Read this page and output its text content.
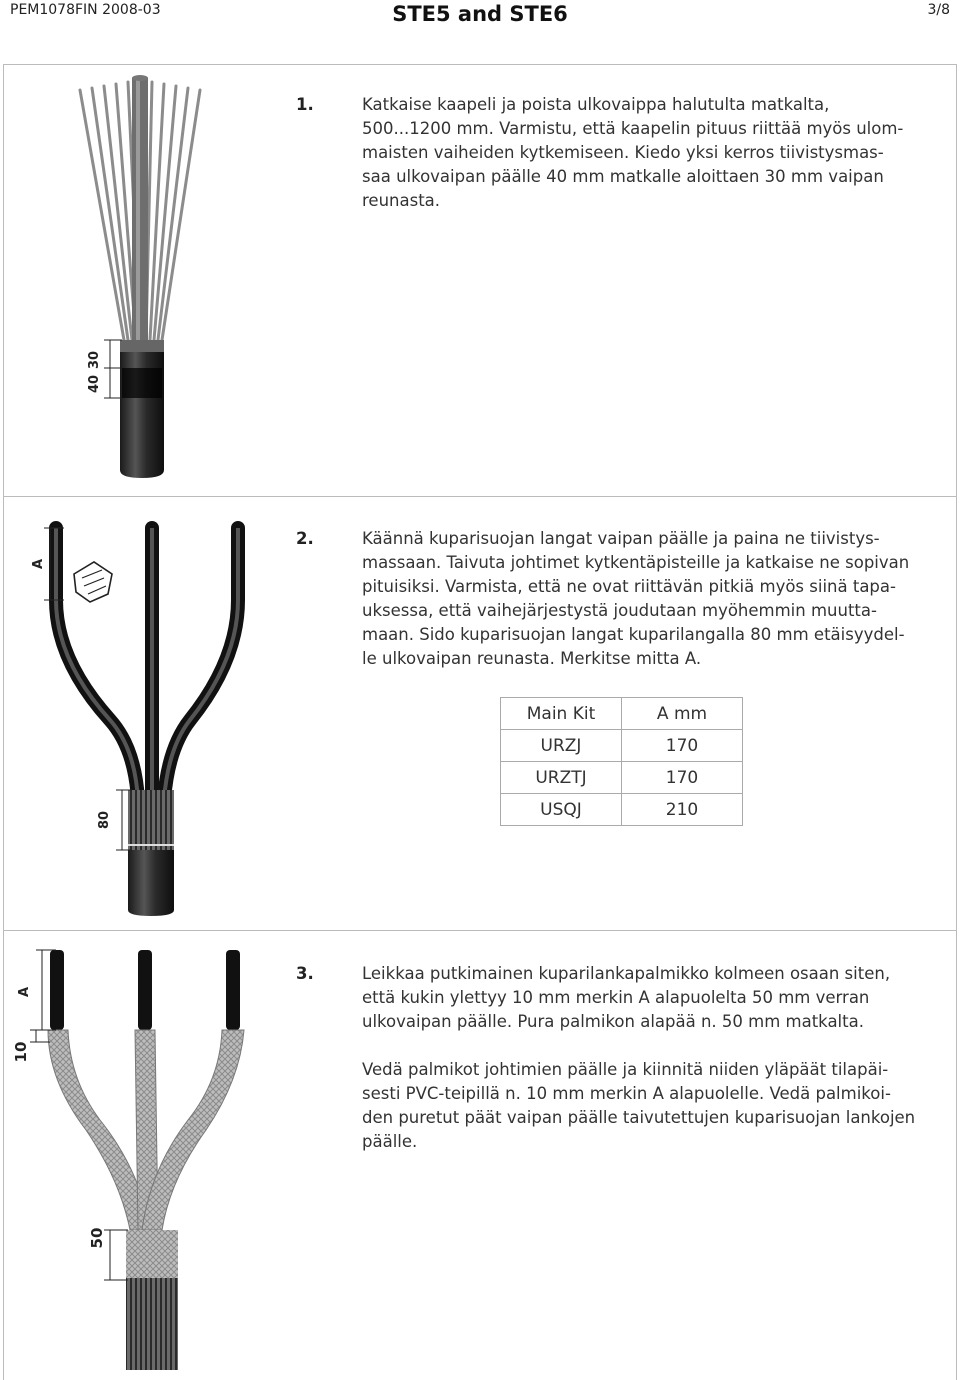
PEM1078FIN 2008-03	STE5 and STE6	3/8
1.	Katkaise kaapeli ja poista ulkovaippa halutulta matkalta,
500...1200 mm. Varmistu, että kaapelin pituus riittää myös ulom-
maisten vaiheiden kytkemiseen. Kiedo yksi kerros tiivistysmas-
saa ulkovaipan päälle 40 mm matkalle aloittaen 30 mm vaipan
reunasta.
2.	Käännä kuparisuojan langat vaipan päälle ja paina ne tiivistys-
massaan. Taivuta johtimet kytkentäpisteille ja katkaise ne sopivan
pituisiksi. Varmista, että ne ovat riittävän pitkiä myös siinä tapa-
uksessa, että vaihejärjestystä joudutaan myöhemmin muutta-
maan. Sido kuparisuojan langat kuparilangalla 80 mm etäisyydel-
le ulkovaipan reunasta. Merkitse mitta A.
Main Kit	A mm
URZJ	170
URZTJ	170
USQJ	210
3.	Leikkaa putkimainen kuparilankapalmikko kolmeen osaan siten,
että kukin ylettyy 10 mm merkin A alapuolelta 50 mm verran
ulkovaipan päälle. Pura palmikon alapää n. 50 mm matkalta.
Vedä palmikot johtimien päälle ja kiinnitä niiden yläpäät tilapäi-
sesti PVC-teipillä n. 10 mm merkin A alapuolelle. Vedä palmikoi-
den puretut päät vaipan päälle taivutettujen kuparisuojan lankojen
päälle.
30
40
A
80
A
10
50
